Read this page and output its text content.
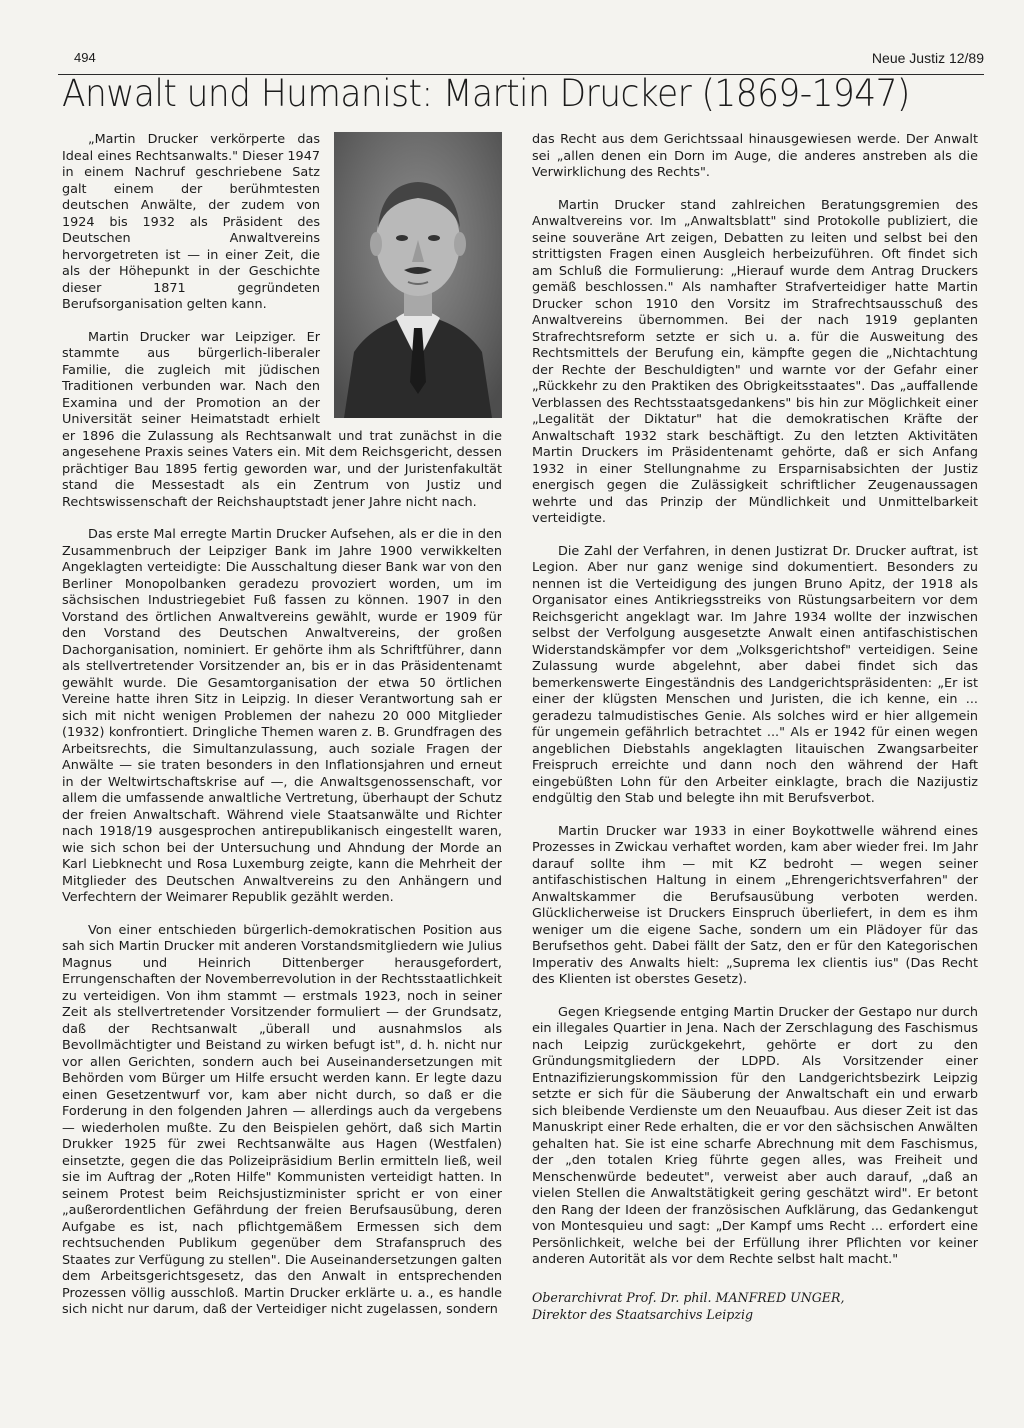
494	Neue Justiz 12/89
Anwalt und Humanist: Martin Drucker (1869-1947)

„Martin Drucker verkörperte das Ideal eines Rechtsanwalts." Dieser 1947 in einem Nachruf geschriebene Satz galt einem der berühmtesten deutschen Anwälte, der zudem von 1924 bis 1932 als Präsident des Deutschen Anwaltvereins hervorgetreten ist — in einer Zeit, die als der Höhepunkt in der Geschichte dieser 1871 gegründeten Berufsorganisation gelten kann.

Martin Drucker war Leipziger. Er stammte aus bürgerlich-liberaler Familie, die zugleich mit jüdischen Traditionen verbunden war. Nach den Examina und der Promotion an der Universität seiner Heimatstadt erhielt er 1896 die Zulassung als Rechtsanwalt und trat zunächst in die angesehene Praxis seines Vaters ein. Mit dem Reichsgericht, dessen prächtiger Bau 1895 fertig geworden war, und der Juristenfakultät stand die Messestadt als ein Zentrum von Justiz und Rechtswissenschaft der Reichshauptstadt jener Jahre nicht nach.

Das erste Mal erregte Martin Drucker Aufsehen, als er die in den Zusammenbruch der Leipziger Bank im Jahre 1900 verwikkelten Angeklagten verteidigte: Die Ausschaltung dieser Bank war von den Berliner Monopolbanken geradezu provoziert worden, um im sächsischen Industriegebiet Fuß fassen zu können. 1907 in den Vorstand des örtlichen Anwaltvereins gewählt, wurde er 1909 für den Vorstand des Deutschen Anwaltvereins, der großen Dachorganisation, nominiert. Er gehörte ihm als Schriftführer, dann als stellvertretender Vorsitzender an, bis er in das Präsidentenamt gewählt wurde. Die Gesamtorganisation der etwa 50 örtlichen Vereine hatte ihren Sitz in Leipzig. In dieser Verantwortung sah er sich mit nicht wenigen Problemen der nahezu 20 000 Mitglieder (1932) konfrontiert. Dringliche Themen waren z. B. Grundfragen des Arbeitsrechts, die Simultanzulassung, auch soziale Fragen der Anwälte — sie traten besonders in den Inflationsjahren und erneut in der Weltwirtschaftskrise auf —, die Anwaltsgenossenschaft, vor allem die umfassende anwaltliche Vertretung, überhaupt der Schutz der freien Anwaltschaft. Während viele Staatsanwälte und Richter nach 1918/19 ausgesprochen antirepublikanisch eingestellt waren, wie sich schon bei der Untersuchung und Ahndung der Morde an Karl Liebknecht und Rosa Luxemburg zeigte, kann die Mehrheit der Mitglieder des Deutschen Anwaltvereins zu den Anhängern und Verfechtern der Weimarer Republik gezählt werden.

Von einer entschieden bürgerlich-demokratischen Position aus sah sich Martin Drucker mit anderen Vorstandsmitgliedern wie Julius Magnus und Heinrich Dittenberger herausgefordert, Errungenschaften der Novemberrevolution in der Rechtsstaatlichkeit zu verteidigen. Von ihm stammt — erstmals 1923, noch in seiner Zeit als stellvertretender Vorsitzender formuliert — der Grundsatz, daß der Rechtsanwalt „überall und ausnahmslos als Bevollmächtigter und Beistand zu wirken befugt ist", d. h. nicht nur vor allen Gerichten, sondern auch bei Auseinandersetzungen mit Behörden vom Bürger um Hilfe ersucht werden kann. Er legte dazu einen Gesetzentwurf vor, kam aber nicht durch, so daß er die Forderung in den folgenden Jahren — allerdings auch da vergebens — wiederholen mußte. Zu den Beispielen gehört, daß sich Martin Drukker 1925 für zwei Rechtsanwälte aus Hagen (Westfalen) einsetzte, gegen die das Polizeipräsidium Berlin ermitteln ließ, weil sie im Auftrag der „Roten Hilfe" Kommunisten verteidigt hatten. In seinem Protest beim Reichsjustizminister spricht er von einer „außerordentlichen Gefährdung der freien Berufsausübung, deren Aufgabe es ist, nach pflichtgemäßem Ermessen sich dem rechtsuchenden Publikum gegenüber dem Strafanspruch des Staates zur Verfügung zu stellen". Die Auseinandersetzungen galten dem Arbeitsgerichtsgesetz, das den Anwalt in entsprechenden Prozessen völlig ausschloß. Martin Drucker erklärte u. a., es handle sich nicht nur darum, daß der Verteidiger nicht zugelassen, sondern

das Recht aus dem Gerichtssaal hinausgewiesen werde. Der Anwalt sei „allen denen ein Dorn im Auge, die anderes anstreben als die Verwirklichung des Rechts".

Martin Drucker stand zahlreichen Beratungsgremien des Anwaltvereins vor. Im „Anwaltsblatt" sind Protokolle publiziert, die seine souveräne Art zeigen, Debatten zu leiten und selbst bei den strittigsten Fragen einen Ausgleich herbeizuführen. Oft findet sich am Schluß die Formulierung: „Hierauf wurde dem Antrag Druckers gemäß beschlossen." Als namhafter Strafverteidiger hatte Martin Drucker schon 1910 den Vorsitz im Strafrechtsausschuß des Anwaltvereins übernommen. Bei der nach 1919 geplanten Strafrechtsreform setzte er sich u. a. für die Ausweitung des Rechtsmittels der Berufung ein, kämpfte gegen die „Nichtachtung der Rechte der Beschuldigten" und warnte vor der Gefahr einer „Rückkehr zu den Praktiken des Obrigkeitsstaates". Das „auffallende Verblassen des Rechtsstaatsgedankens" bis hin zur Möglichkeit einer „Legalität der Diktatur" hat die demokratischen Kräfte der Anwaltschaft 1932 stark beschäftigt. Zu den letzten Aktivitäten Martin Druckers im Präsidentenamt gehörte, daß er sich Anfang 1932 in einer Stellungnahme zu Ersparnisabsichten der Justiz energisch gegen die Zulässigkeit schriftlicher Zeugenaussagen wehrte und das Prinzip der Mündlichkeit und Unmittelbarkeit verteidigte.

Die Zahl der Verfahren, in denen Justizrat Dr. Drucker auftrat, ist Legion. Aber nur ganz wenige sind dokumentiert. Besonders zu nennen ist die Verteidigung des jungen Bruno Apitz, der 1918 als Organisator eines Antikriegsstreiks von Rüstungsarbeitern vor dem Reichsgericht angeklagt war. Im Jahre 1934 wollte der inzwischen selbst der Verfolgung ausgesetzte Anwalt einen antifaschistischen Widerstandskämpfer vor dem „Volksgerichtshof" verteidigen. Seine Zulassung wurde abgelehnt, aber dabei findet sich das bemerkenswerte Eingeständnis des Landgerichtspräsidenten: „Er ist einer der klügsten Menschen und Juristen, die ich kenne, ein ... geradezu talmudistisches Genie. Als solches wird er hier allgemein für ungemein gefährlich betrachtet ..." Als er 1942 für einen wegen angeblichen Diebstahls angeklagten litauischen Zwangsarbeiter Freispruch erreichte und dann noch den während der Haft eingebüßten Lohn für den Arbeiter einklagte, brach die Nazijustiz endgültig den Stab und belegte ihn mit Berufsverbot.

Martin Drucker war 1933 in einer Boykottwelle während eines Prozesses in Zwickau verhaftet worden, kam aber wieder frei. Im Jahr darauf sollte ihm — mit KZ bedroht — wegen seiner antifaschistischen Haltung in einem „Ehrengerichtsverfahren" der Anwaltskammer die Berufsausübung verboten werden. Glücklicherweise ist Druckers Einspruch überliefert, in dem es ihm weniger um die eigene Sache, sondern um ein Plädoyer für das Berufsethos geht. Dabei fällt der Satz, den er für den Kategorischen Imperativ des Anwalts hielt: „Suprema lex clientis ius" (Das Recht des Klienten ist oberstes Gesetz).

Gegen Kriegsende entging Martin Drucker der Gestapo nur durch ein illegales Quartier in Jena. Nach der Zerschlagung des Faschismus nach Leipzig zurückgekehrt, gehörte er dort zu den Gründungsmitgliedern der LDPD. Als Vorsitzender einer Entnazifizierungskommission für den Landgerichtsbezirk Leipzig setzte er sich für die Säuberung der Anwaltschaft ein und erwarb sich bleibende Verdienste um den Neuaufbau. Aus dieser Zeit ist das Manuskript einer Rede erhalten, die er vor den sächsischen Anwälten gehalten hat. Sie ist eine scharfe Abrechnung mit dem Faschismus, der „den totalen Krieg führte gegen alles, was Freiheit und Menschenwürde bedeutet", verweist aber auch darauf, „daß an vielen Stellen die Anwaltstätigkeit gering geschätzt wird". Er betont den Rang der Ideen der französischen Aufklärung, das Gedankengut von Montesquieu und sagt: „Der Kampf ums Recht ... erfordert eine Persönlichkeit, welche bei der Erfüllung ihrer Pflichten vor keiner anderen Autorität als vor dem Rechte selbst halt macht."

Oberarchivrat Prof. Dr. phil. MANFRED UNGER,
Direktor des Staatsarchivs Leipzig
